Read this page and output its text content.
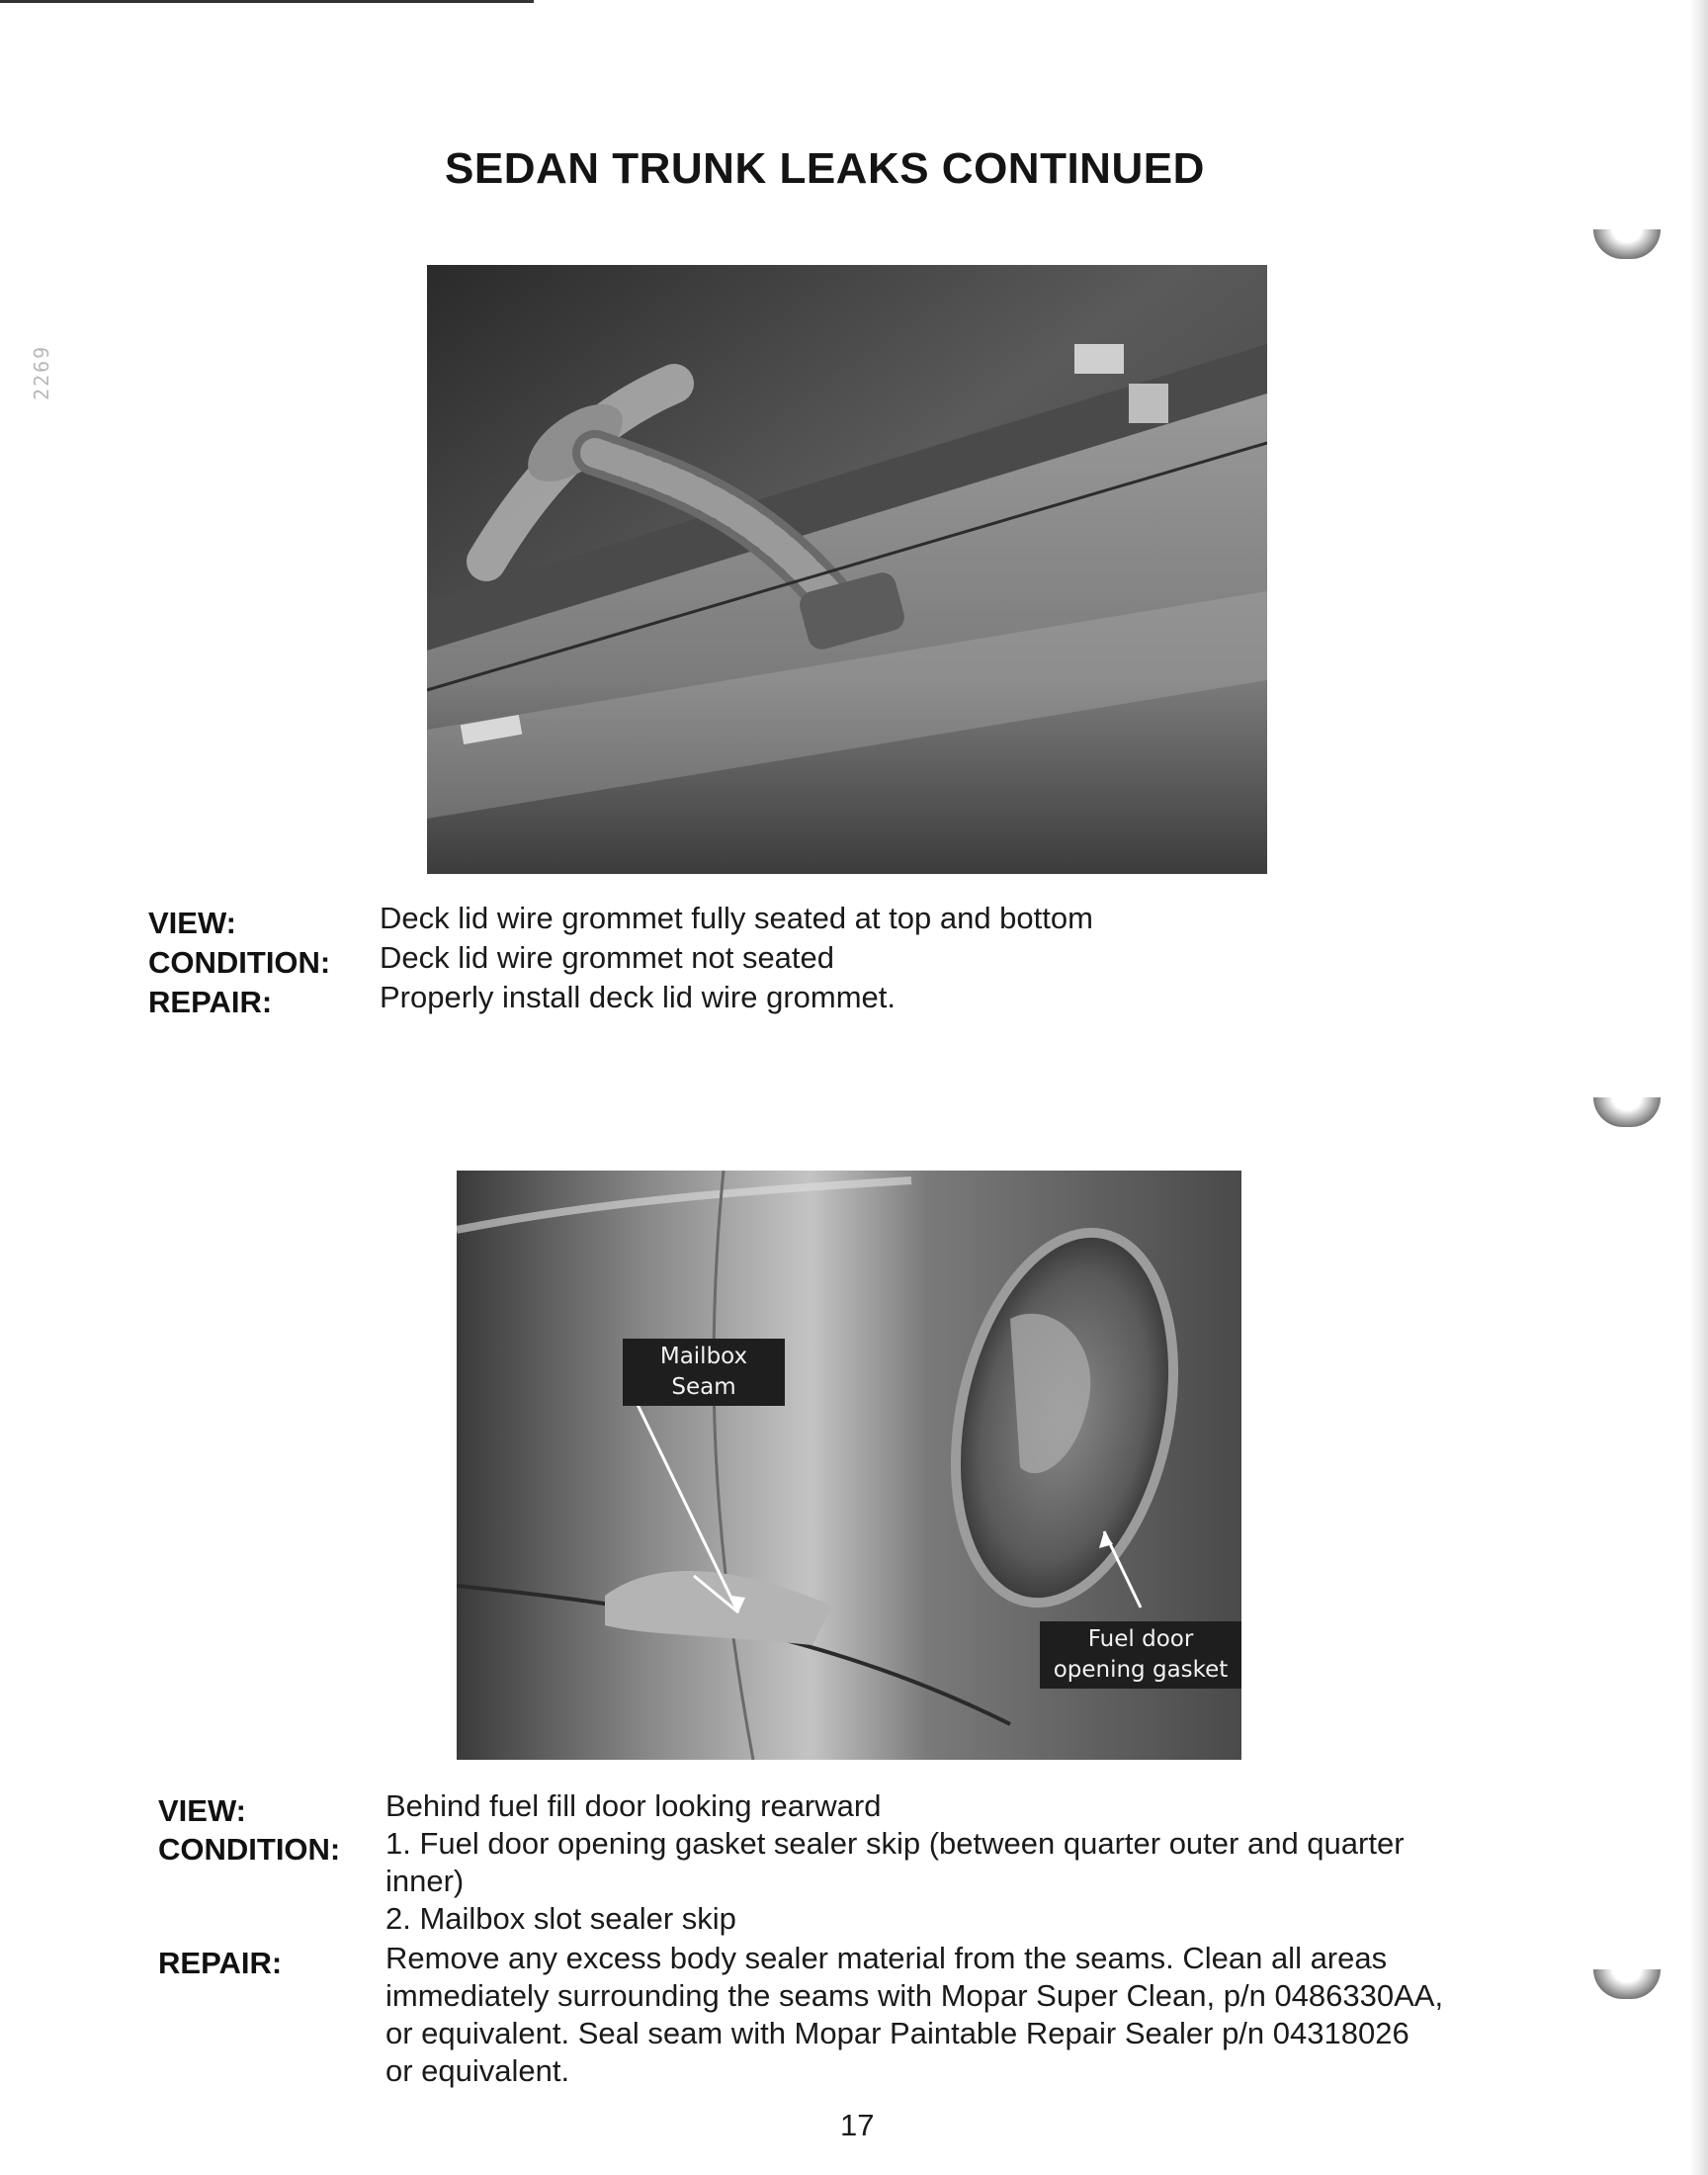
2269
SEDAN TRUNK LEAKS CONTINUED
VIEW:	Deck lid wire grommet fully seated at top and bottom
CONDITION: Deck lid wire grommet not seated
REPAIR:	Properly install deck lid wire grommet.
Mailbox
Seam
Fuel door
opening gasket
VIEW:	Behind fuel fill door looking rearward
CONDITION: 1. Fuel door opening gasket sealer skip (between quarter outer and quarter
inner)
2. Mailbox slot sealer skip
REPAIR:	Remove any excess body sealer material from the seams. Clean all areas
immediately surrounding the seams with Mopar Super Clean, p/n 0486330AA,
or equivalent. Seal seam with Mopar Paintable Repair Sealer p/n 04318026
or equivalent.
17
